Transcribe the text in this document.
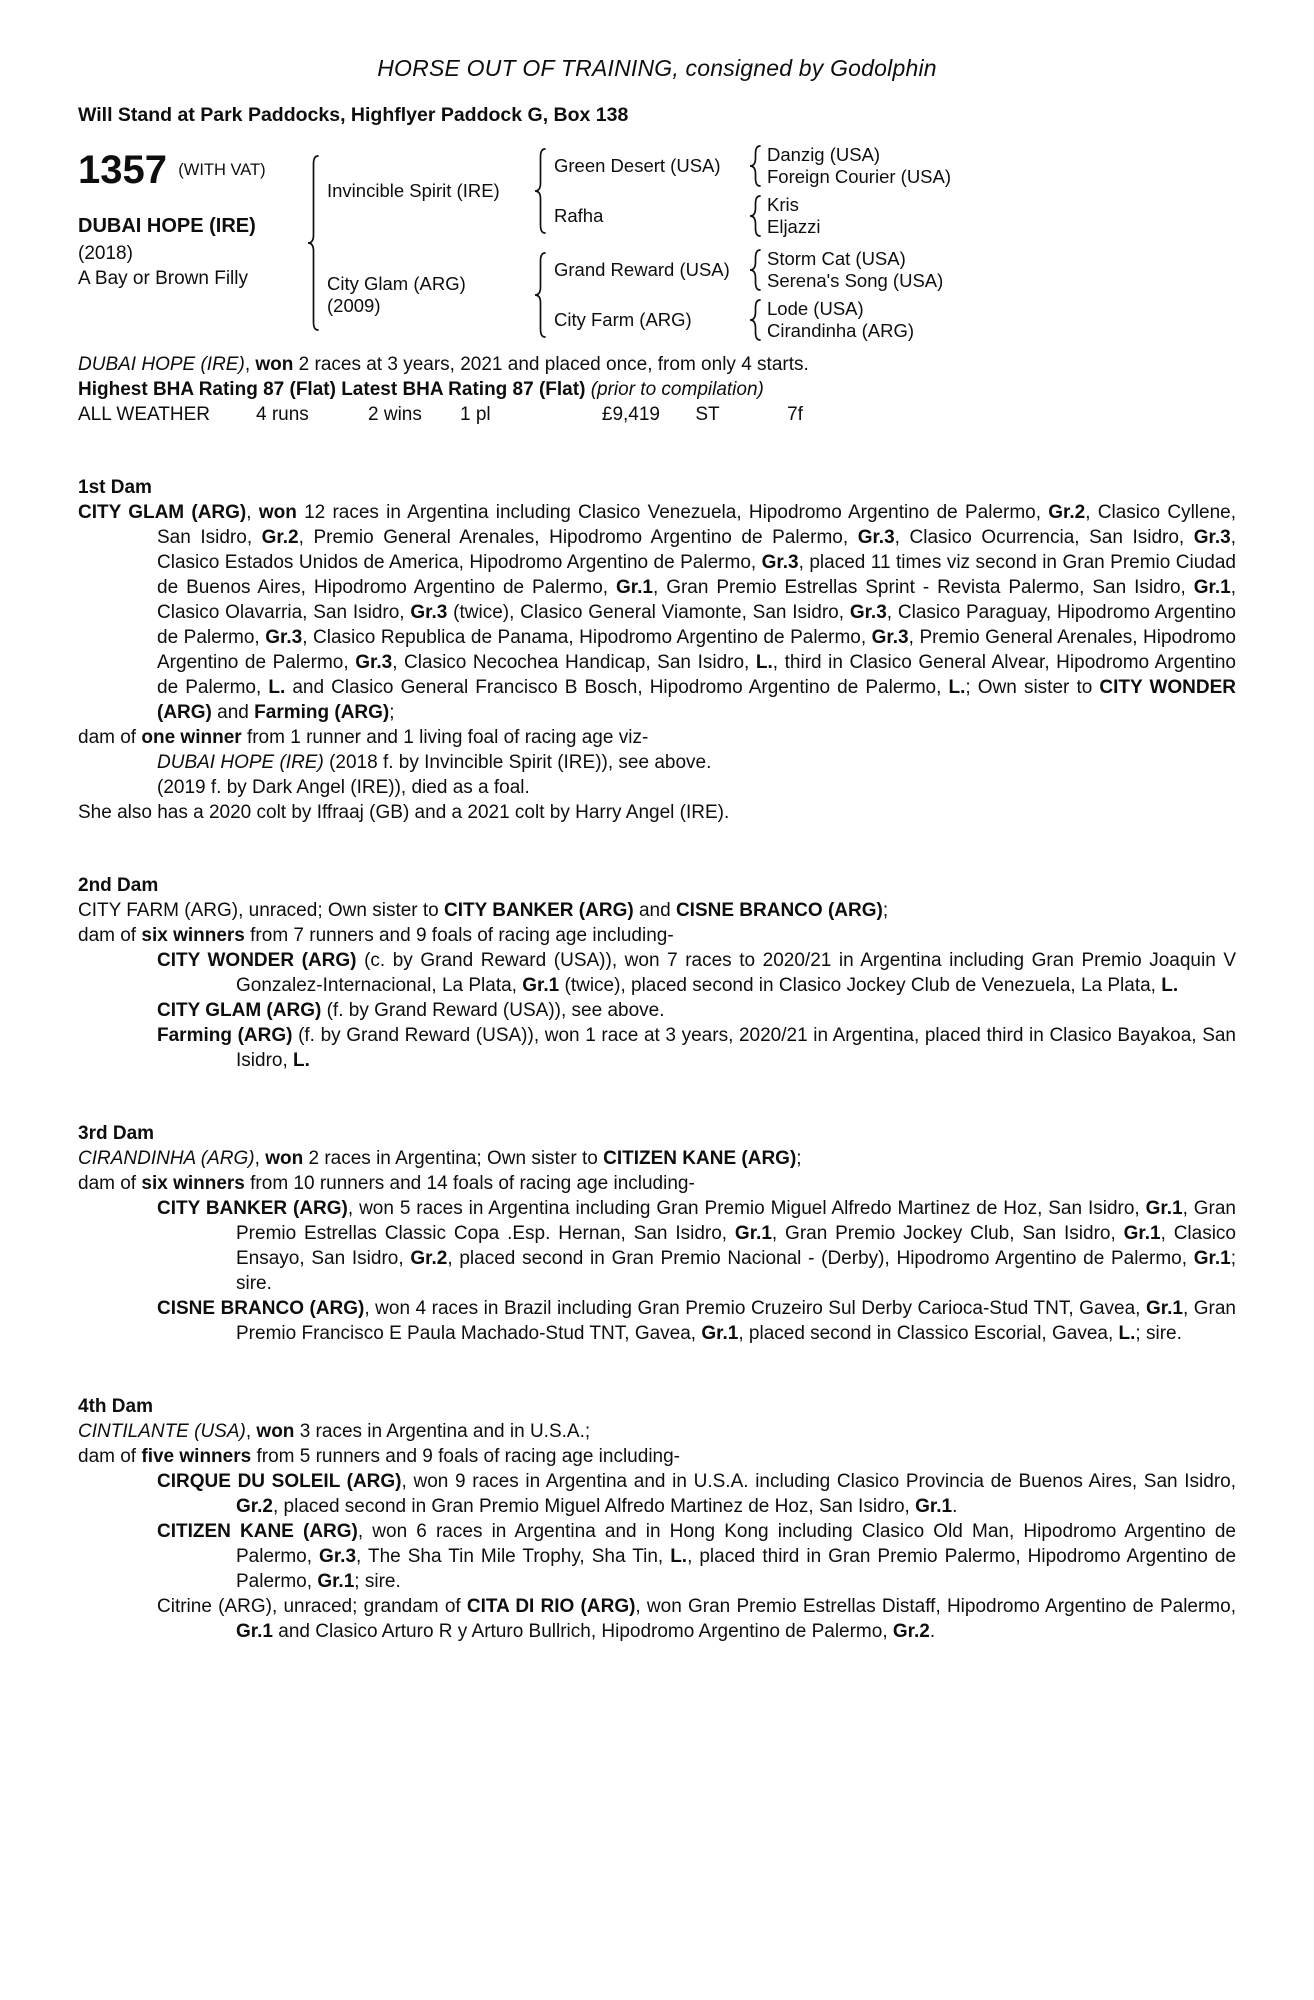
HORSE OUT OF TRAINING, consigned by Godolphin
Will Stand at Park Paddocks, Highflyer Paddock G, Box 138
1357 (WITH VAT)
DUBAI HOPE (IRE)
(2018)
A Bay or Brown Filly
Invincible Spirit (IRE)
Green Desert (USA)
Danzig (USA)
Foreign Courier (USA)
Rafha
Kris
Eljazzi
City Glam (ARG)
(2009)
Grand Reward (USA)
Storm Cat (USA)
Serena's Song (USA)
City Farm (ARG)
Lode (USA)
Cirandinha (ARG)
DUBAI HOPE (IRE), won 2 races at 3 years, 2021 and placed once, from only 4 starts.
Highest BHA Rating 87 (Flat) Latest BHA Rating 87 (Flat) (prior to compilation)
ALL WEATHER	4 runs	2 wins	1 pl	£9,419	ST	7f
1st Dam
CITY GLAM (ARG), won 12 races in Argentina including Clasico Venezuela, Hipodromo Argentino de Palermo, Gr.2, Clasico Cyllene, San Isidro, Gr.2, Premio General Arenales, Hipodromo Argentino de Palermo, Gr.3, Clasico Ocurrencia, San Isidro, Gr.3, Clasico Estados Unidos de America, Hipodromo Argentino de Palermo, Gr.3, placed 11 times viz second in Gran Premio Ciudad de Buenos Aires, Hipodromo Argentino de Palermo, Gr.1, Gran Premio Estrellas Sprint - Revista Palermo, San Isidro, Gr.1, Clasico Olavarria, San Isidro, Gr.3 (twice), Clasico General Viamonte, San Isidro, Gr.3, Clasico Paraguay, Hipodromo Argentino de Palermo, Gr.3, Clasico Republica de Panama, Hipodromo Argentino de Palermo, Gr.3, Premio General Arenales, Hipodromo Argentino de Palermo, Gr.3, Clasico Necochea Handicap, San Isidro, L., third in Clasico General Alvear, Hipodromo Argentino de Palermo, L. and Clasico General Francisco B Bosch, Hipodromo Argentino de Palermo, L.; Own sister to CITY WONDER (ARG) and Farming (ARG);
dam of one winner from 1 runner and 1 living foal of racing age viz-
DUBAI HOPE (IRE) (2018 f. by Invincible Spirit (IRE)), see above.
(2019 f. by Dark Angel (IRE)), died as a foal.
She also has a 2020 colt by Iffraaj (GB) and a 2021 colt by Harry Angel (IRE).
2nd Dam
CITY FARM (ARG), unraced; Own sister to CITY BANKER (ARG) and CISNE BRANCO (ARG);
dam of six winners from 7 runners and 9 foals of racing age including-
CITY WONDER (ARG) (c. by Grand Reward (USA)), won 7 races to 2020/21 in Argentina including Gran Premio Joaquin V Gonzalez-Internacional, La Plata, Gr.1 (twice), placed second in Clasico Jockey Club de Venezuela, La Plata, L.
CITY GLAM (ARG) (f. by Grand Reward (USA)), see above.
Farming (ARG) (f. by Grand Reward (USA)), won 1 race at 3 years, 2020/21 in Argentina, placed third in Clasico Bayakoa, San Isidro, L.
3rd Dam
CIRANDINHA (ARG), won 2 races in Argentina; Own sister to CITIZEN KANE (ARG);
dam of six winners from 10 runners and 14 foals of racing age including-
CITY BANKER (ARG), won 5 races in Argentina including Gran Premio Miguel Alfredo Martinez de Hoz, San Isidro, Gr.1, Gran Premio Estrellas Classic Copa .Esp. Hernan, San Isidro, Gr.1, Gran Premio Jockey Club, San Isidro, Gr.1, Clasico Ensayo, San Isidro, Gr.2, placed second in Gran Premio Nacional - (Derby), Hipodromo Argentino de Palermo, Gr.1; sire.
CISNE BRANCO (ARG), won 4 races in Brazil including Gran Premio Cruzeiro Sul Derby Carioca-Stud TNT, Gavea, Gr.1, Gran Premio Francisco E Paula Machado-Stud TNT, Gavea, Gr.1, placed second in Classico Escorial, Gavea, L.; sire.
4th Dam
CINTILANTE (USA), won 3 races in Argentina and in U.S.A.;
dam of five winners from 5 runners and 9 foals of racing age including-
CIRQUE DU SOLEIL (ARG), won 9 races in Argentina and in U.S.A. including Clasico Provincia de Buenos Aires, San Isidro, Gr.2, placed second in Gran Premio Miguel Alfredo Martinez de Hoz, San Isidro, Gr.1.
CITIZEN KANE (ARG), won 6 races in Argentina and in Hong Kong including Clasico Old Man, Hipodromo Argentino de Palermo, Gr.3, The Sha Tin Mile Trophy, Sha Tin, L., placed third in Gran Premio Palermo, Hipodromo Argentino de Palermo, Gr.1; sire.
Citrine (ARG), unraced; grandam of CITA DI RIO (ARG), won Gran Premio Estrellas Distaff, Hipodromo Argentino de Palermo, Gr.1 and Clasico Arturo R y Arturo Bullrich, Hipodromo Argentino de Palermo, Gr.2.
